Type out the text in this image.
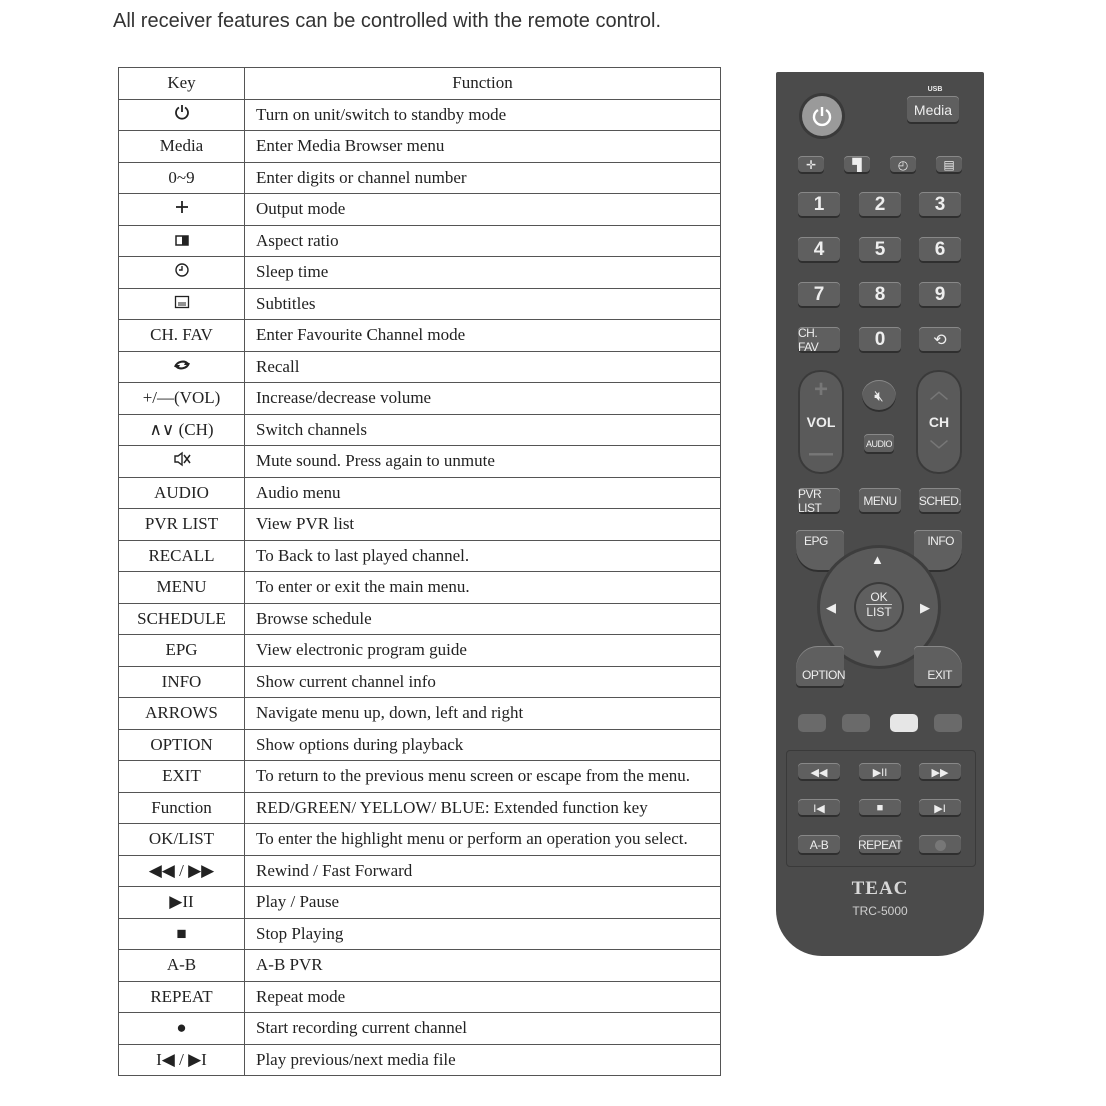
All receiver features can be controlled with the remote control.
Key	Function
	Turn on unit/switch to standby mode
Media	Enter Media Browser menu
0~9	Enter digits or channel number
	Output mode
	Aspect ratio
	Sleep time
	Subtitles
CH. FAV	Enter Favourite Channel mode
	Recall
+/—(VOL)	Increase/decrease volume
∧∨ (CH)	Switch channels
	Mute sound. Press again to unmute
AUDIO	Audio menu
PVR LIST	View PVR list
RECALL	To Back to last played channel.
MENU	To enter or exit the main menu.
SCHEDULE	Browse schedule
EPG	View electronic program guide
INFO	Show current channel info
ARROWS	Navigate menu up, down, left and right
OPTION	Show options during playback
EXIT	To return to the previous menu screen or escape from the menu.
Function	RED/GREEN/ YELLOW/ BLUE: Extended function key
OK/LIST	To enter the highlight menu or perform an operation you select.
◀◀ / ▶▶	Rewind / Fast Forward
▶II	Play / Pause
■	Stop Playing
A-B	A-B PVR
REPEAT	Repeat mode
●	Start recording current channel
I◀ / ▶I	Play previous/next media file
USB
Media
✛	▜	◴	▤
1	2	3
4	5	6
7	8	9
CH. FAV	0	⟲
+
VOL
—
🔇︎
AUDIO
︿
CH
﹀
PVR LIST	MENU	SCHED.
EPG	INFO
▲
▼
◀	▶
OK
LIST
OPTION	EXIT
◀◀	▶II	▶▶
I◀	■	▶I
A-B	REPEAT
TEAC
TRC-5000
